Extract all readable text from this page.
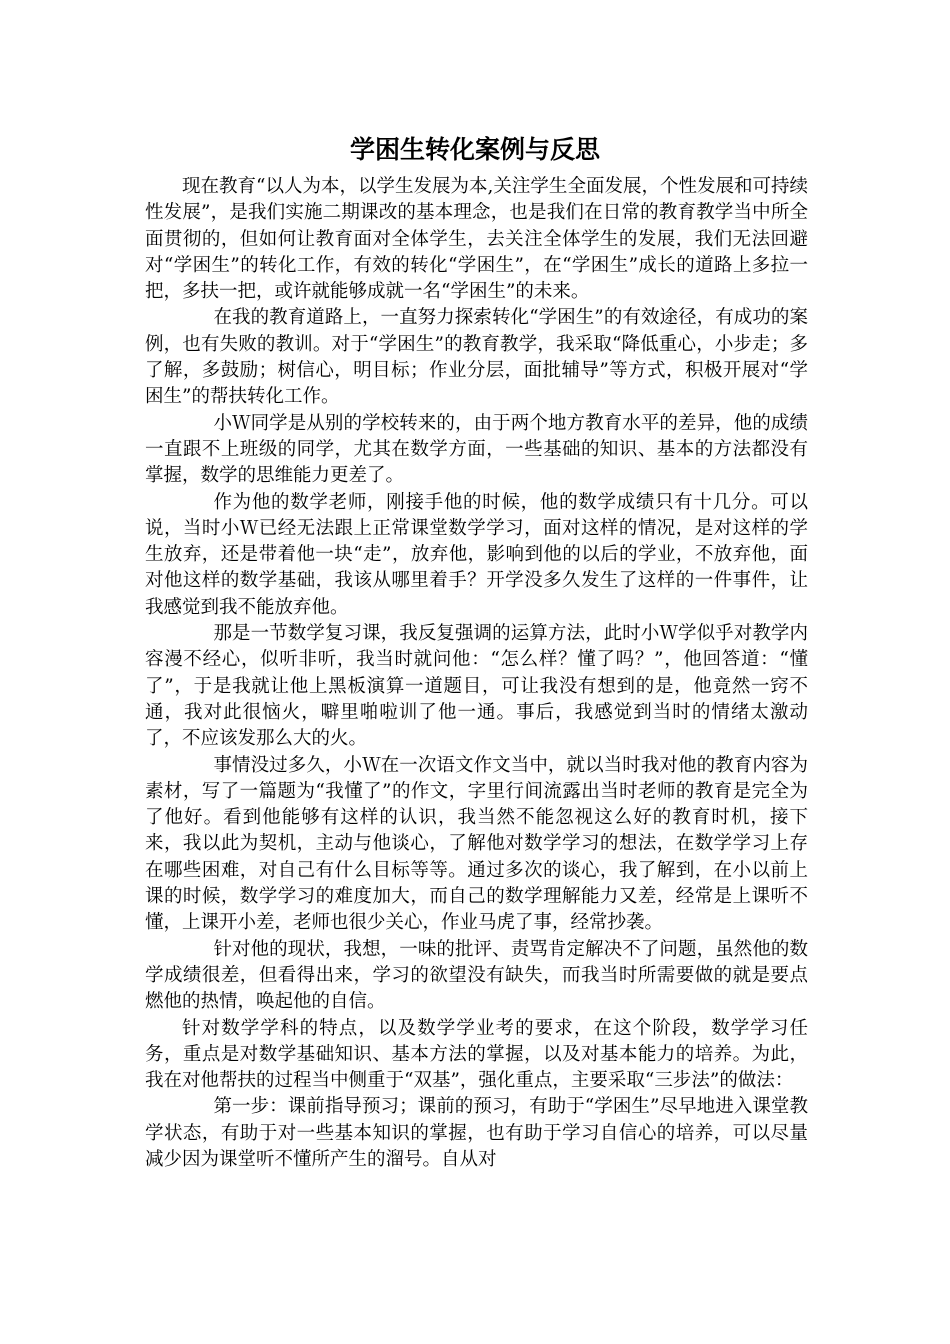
学困生转化案例与反思

现在教育“以人为本，以学生发展为本,关注学生全面发展，个性发展和可持续性发展”，是我们实施二期课改的基本理念，也是我们在日常的教育教学当中所全面贯彻的，但如何让教育面对全体学生，去关注全体学生的发展，我们无法回避对“学困生”的转化工作，有效的转化“学困生”，在“学困生”成长的道路上多拉一把，多扶一把，或许就能够成就一名“学困生”的未来。

在我的教育道路上，一直努力探索转化“学困生”的有效途径，有成功的案例，也有失败的教训。对于“学困生”的教育教学，我采取“降低重心，小步走；多了解，多鼓励；树信心，明目标；作业分层，面批辅导”等方式，积极开展对“学困生”的帮扶转化工作。

小Ｗ同学是从别的学校转来的，由于两个地方教育水平的差异，他的成绩一直跟不上班级的同学，尤其在数学方面，一些基础的知识、基本的方法都没有掌握，数学的思维能力更差了。

作为他的数学老师，刚接手他的时候，他的数学成绩只有十几分。可以说，当时小Ｗ已经无法跟上正常课堂数学学习，面对这样的情况，是对这样的学生放弃，还是带着他一块“走”，放弃他，影响到他的以后的学业，不放弃他，面对他这样的数学基础，我该从哪里着手？开学没多久发生了这样的一件事件，让我感觉到我不能放弃他。

那是一节数学复习课，我反复强调的运算方法，此时小Ｗ学似乎对教学内容漫不经心，似听非听，我当时就问他：“怎么样？懂了吗？”，他回答道：“懂了”，于是我就让他上黑板演算一道题目，可让我没有想到的是，他竟然一窍不通，我对此很恼火，噼里啪啦训了他一通。事后，我感觉到当时的情绪太激动了，不应该发那么大的火。

事情没过多久，小Ｗ在一次语文作文当中，就以当时我对他的教育内容为素材，写了一篇题为“我懂了”的作文，字里行间流露出当时老师的教育是完全为了他好。看到他能够有这样的认识，我当然不能忽视这么好的教育时机，接下来，我以此为契机，主动与他谈心，了解他对数学学习的想法，在数学学习上存在哪些困难，对自己有什么目标等等。通过多次的谈心，我了解到，在小以前上课的时候，数学学习的难度加大，而自己的数学理解能力又差，经常是上课听不懂，上课开小差，老师也很少关心，作业马虎了事，经常抄袭。

针对他的现状，我想，一味的批评、责骂肯定解决不了问题，虽然他的数学成绩很差，但看得出来，学习的欲望没有缺失，而我当时所需要做的就是要点燃他的热情，唤起他的自信。

针对数学学科的特点，以及数学学业考的要求，在这个阶段，数学学习任务，重点是对数学基础知识、基本方法的掌握，以及对基本能力的培养。为此，我在对他帮扶的过程当中侧重于“双基”，强化重点，主要采取“三步法”的做法：

第一步：课前指导预习；课前的预习，有助于“学困生”尽早地进入课堂教学状态，有助于对一些基本知识的掌握，也有助于学习自信心的培养，可以尽量减少因为课堂听不懂所产生的溜号。自从对
